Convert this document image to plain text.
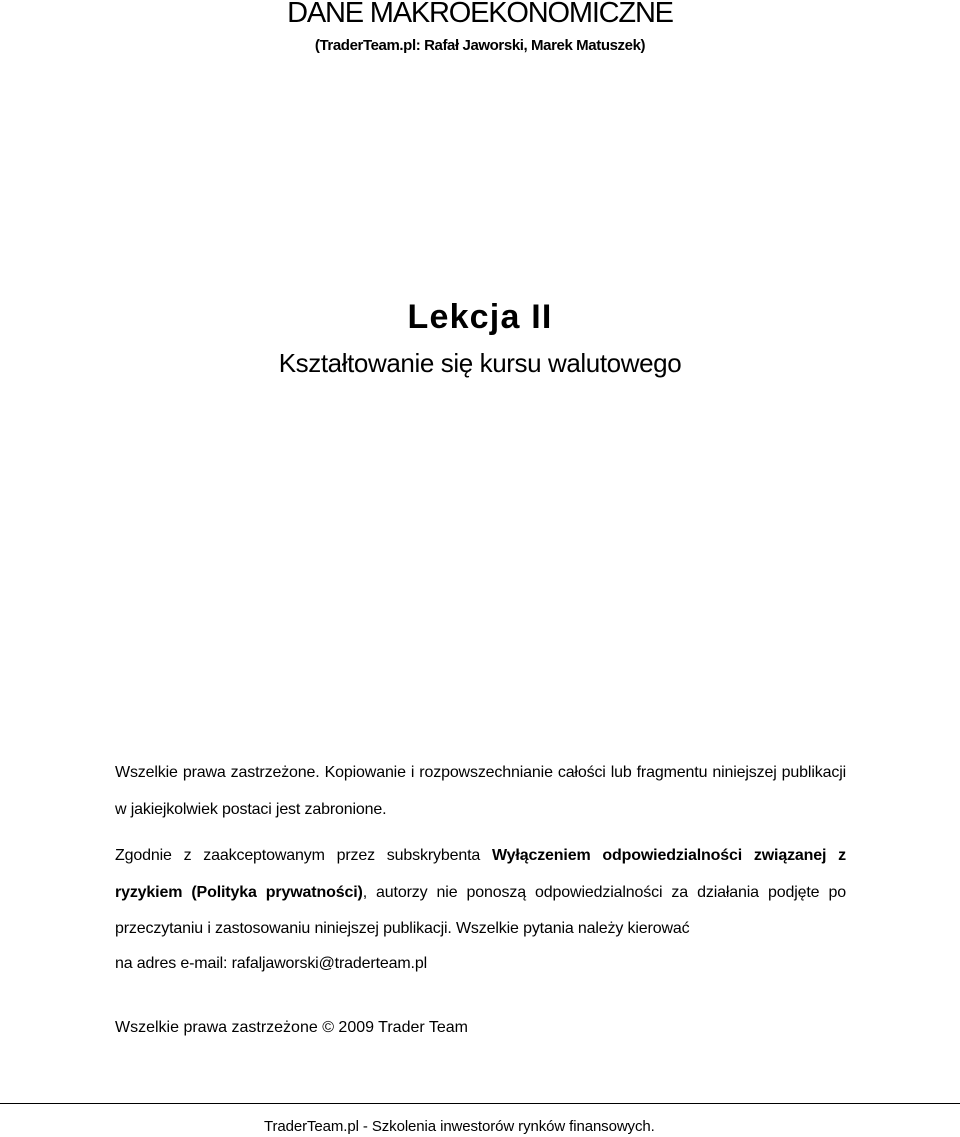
DANE MAKROEKONOMICZNE
(TraderTeam.pl: Rafał Jaworski, Marek Matuszek)
Lekcja II
Kształtowanie się kursu walutowego
Wszelkie prawa zastrzeżone. Kopiowanie i rozpowszechnianie całości lub fragmentu niniejszej publikacji w jakiejkolwiek postaci jest zabronione.
Zgodnie z zaakceptowanym przez subskrybenta Wyłączeniem odpowiedzialności związanej z ryzykiem (Polityka prywatności), autorzy nie ponoszą odpowiedzialności za działania podjęte po przeczytaniu i zastosowaniu niniejszej publikacji. Wszelkie pytania należy kierować
na adres e-mail: rafaljaworski@traderteam.pl
Wszelkie prawa zastrzeżone © 2009 Trader Team
TraderTeam.pl - Szkolenia inwestorów rynków finansowych.
